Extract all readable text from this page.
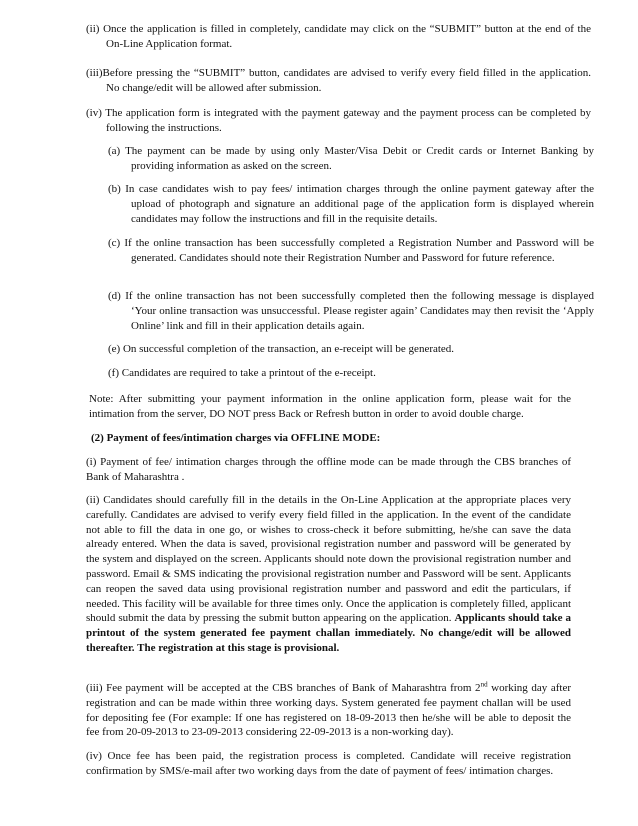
(ii) Once the application is filled in completely, candidate may click on the “SUBMIT” button at the end of the On-Line Application format.

(iii)Before pressing the “SUBMIT” button, candidates are advised to verify every field filled in the application. No change/edit will be allowed after submission.

(iv) The application form is integrated with the payment gateway and the payment process can be completed by following the instructions.

(a) The payment can be made by using only Master/Visa Debit or Credit cards or Internet Banking by providing information as asked on the screen.

(b) In case candidates wish to pay fees/ intimation charges through the online payment gateway after the upload of photograph and signature an additional page of the application form is displayed wherein candidates may follow the instructions and fill in the requisite details.

(c) If the online transaction has been successfully completed a Registration Number and Password will be generated. Candidates should note their Registration Number and Password for future reference.

(d) If the online transaction has not been successfully completed then the following message is displayed ‘Your online transaction was unsuccessful. Please register again’ Candidates may then revisit the ‘Apply Online’ link and fill in their application details again.

(e) On successful completion of the transaction, an e-receipt will be generated.

(f) Candidates are required to take a printout of the e-receipt.

Note: After submitting your payment information in the online application form, please wait for the intimation from the server, DO NOT press Back or Refresh button in order to avoid double charge.

(2) Payment of fees/intimation charges via OFFLINE MODE:

(i) Payment of fee/ intimation charges through the offline mode can be made through the CBS branches of Bank of Maharashtra .

(ii) Candidates should carefully fill in the details in the On-Line Application at the appropriate places very carefully. Candidates are advised to verify every field filled in the application. In the event of the candidate not able to fill the data in one go, or wishes to cross-check it before submitting, he/she can save the data already entered. When the data is saved, provisional registration number and password will be generated by the system and displayed on the screen. Applicants should note down the provisional registration number and password. Email & SMS indicating the provisional registration number and Password will be sent. Applicants can reopen the saved data using provisional registration number and password and edit the particulars, if needed. This facility will be available for three times only. Once the application is completely filled, applicant should submit the data by pressing the submit button appearing on the application. Applicants should take a printout of the system generated fee payment challan immediately. No change/edit will be allowed thereafter. The registration at this stage is provisional.

(iii) Fee payment will be accepted at the CBS branches of Bank of Maharashtra from 2nd working day after registration and can be made within three working days. System generated fee payment challan will be used for depositing fee (For example: If one has registered on 18-09-2013 then he/she will be able to deposit the fee from 20-09-2013 to 23-09-2013 considering 22-09-2013 is a non-working day).

(iv) Once fee has been paid, the registration process is completed. Candidate will receive registration confirmation by SMS/e-mail after two working days from the date of payment of fees/ intimation charges.
